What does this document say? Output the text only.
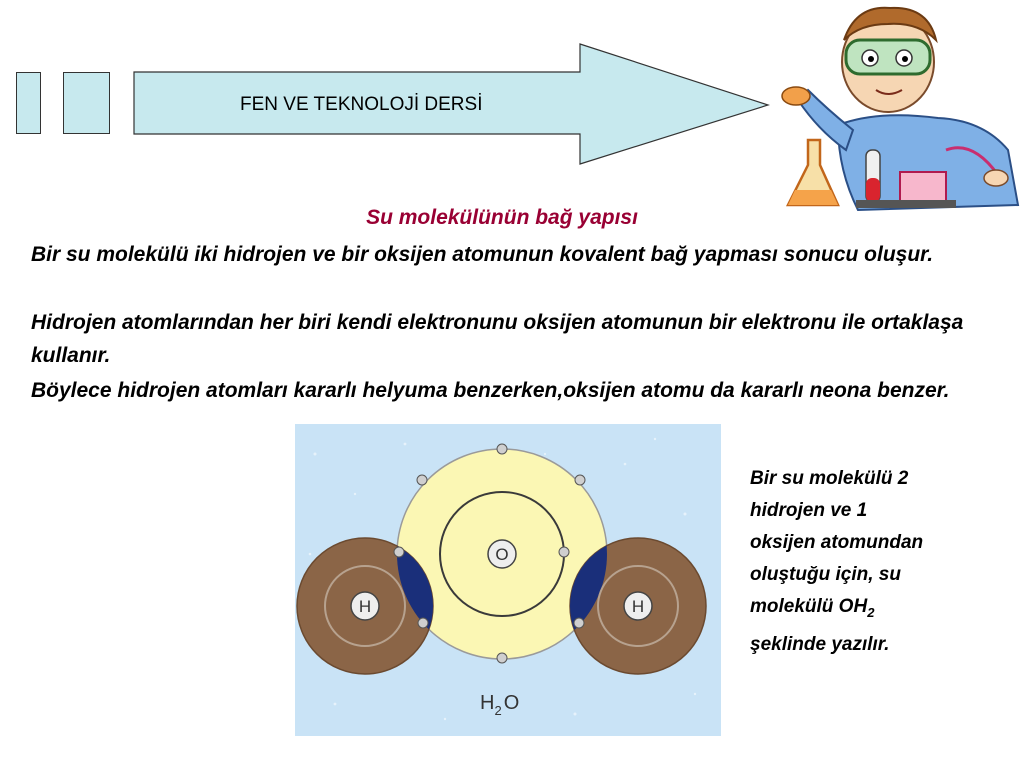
FEN VE TEKNOLOJİ DERSİ
Su molekülünün bağ yapısı

Bir su molekülü iki hidrojen ve bir oksijen atomunun kovalent bağ yapması sonucu oluşur.

Hidrojen atomlarından her biri kendi elektronunu oksijen atomunun bir elektronu ile ortaklaşa kullanır.

Böylece hidrojen atomları kararlı helyuma benzerken,oksijen atomu da kararlı neona benzer.

O
H	H
$H_2$ O

Bir su molekülü 2
hidrojen ve 1
oksijen atomundan
oluştuğu için, su
molekülü $OH_2$
şeklinde yazılır.
